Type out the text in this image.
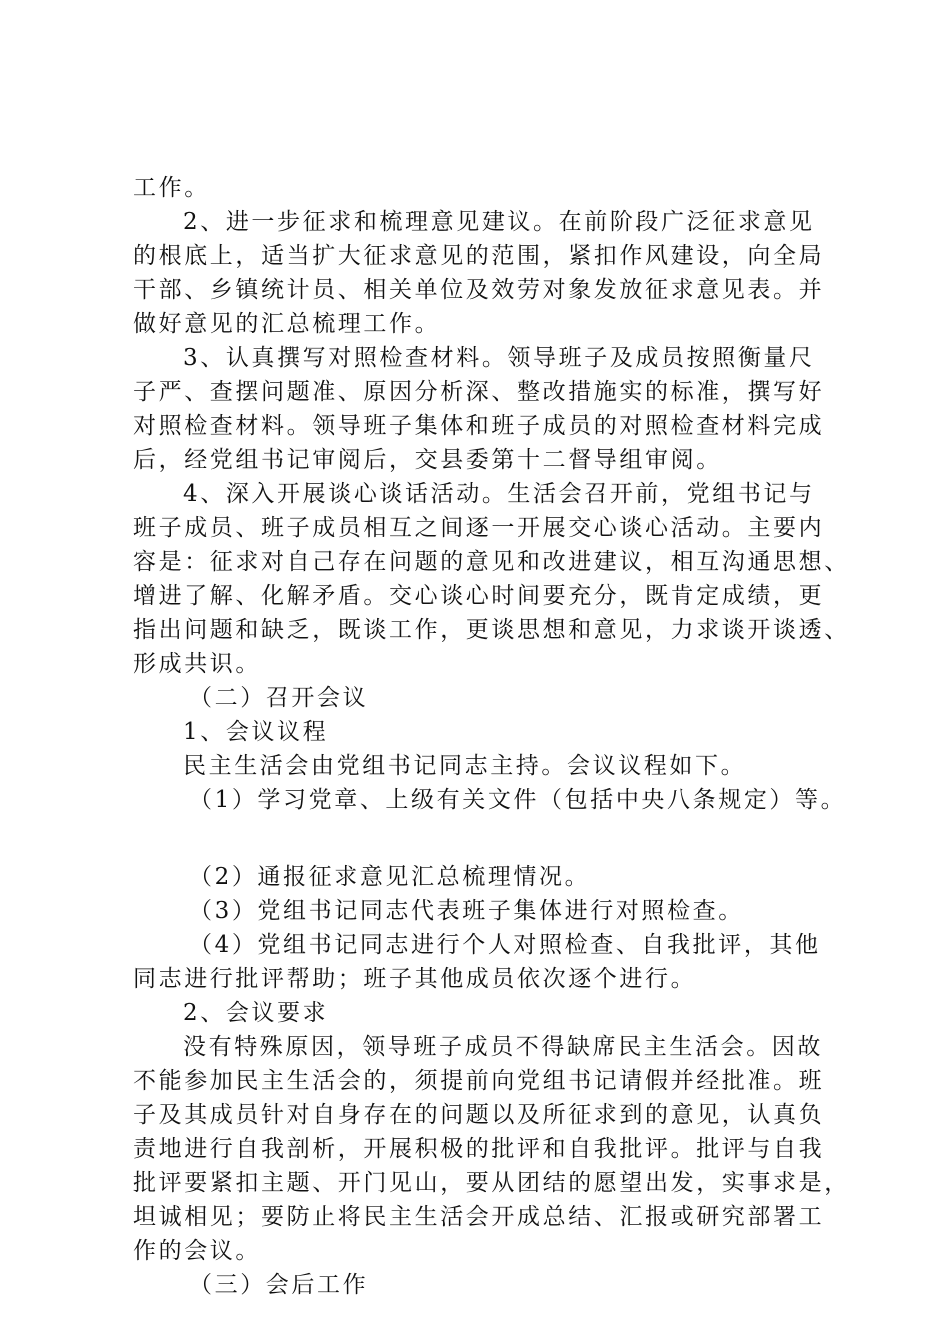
工作。
2、进一步征求和梳理意见建议。在前阶段广泛征求意见
的根底上，适当扩大征求意见的范围，紧扣作风建设，向全局
干部、乡镇统计员、相关单位及效劳对象发放征求意见表。并
做好意见的汇总梳理工作。
3、认真撰写对照检查材料。领导班子及成员按照衡量尺
子严、查摆问题准、原因分析深、整改措施实的标准，撰写好
对照检查材料。领导班子集体和班子成员的对照检查材料完成
后，经党组书记审阅后，交县委第十二督导组审阅。
4、深入开展谈心谈话活动。生活会召开前，党组书记与
班子成员、班子成员相互之间逐一开展交心谈心活动。主要内
容是：征求对自己存在问题的意见和改进建议，相互沟通思想、
增进了解、化解矛盾。交心谈心时间要充分，既肯定成绩，更
指出问题和缺乏，既谈工作，更谈思想和意见，力求谈开谈透、
形成共识。
（二）召开会议
1、会议议程
民主生活会由党组书记同志主持。会议议程如下。
（1）学习党章、上级有关文件（包括中央八条规定）等。
（2）通报征求意见汇总梳理情况。
（3）党组书记同志代表班子集体进行对照检查。
（4）党组书记同志进行个人对照检查、自我批评，其他
同志进行批评帮助；班子其他成员依次逐个进行。
2、会议要求
没有特殊原因，领导班子成员不得缺席民主生活会。因故
不能参加民主生活会的，须提前向党组书记请假并经批准。班
子及其成员针对自身存在的问题以及所征求到的意见，认真负
责地进行自我剖析，开展积极的批评和自我批评。批评与自我
批评要紧扣主题、开门见山，要从团结的愿望出发，实事求是，
坦诚相见；要防止将民主生活会开成总结、汇报或研究部署工
作的会议。
（三）会后工作
